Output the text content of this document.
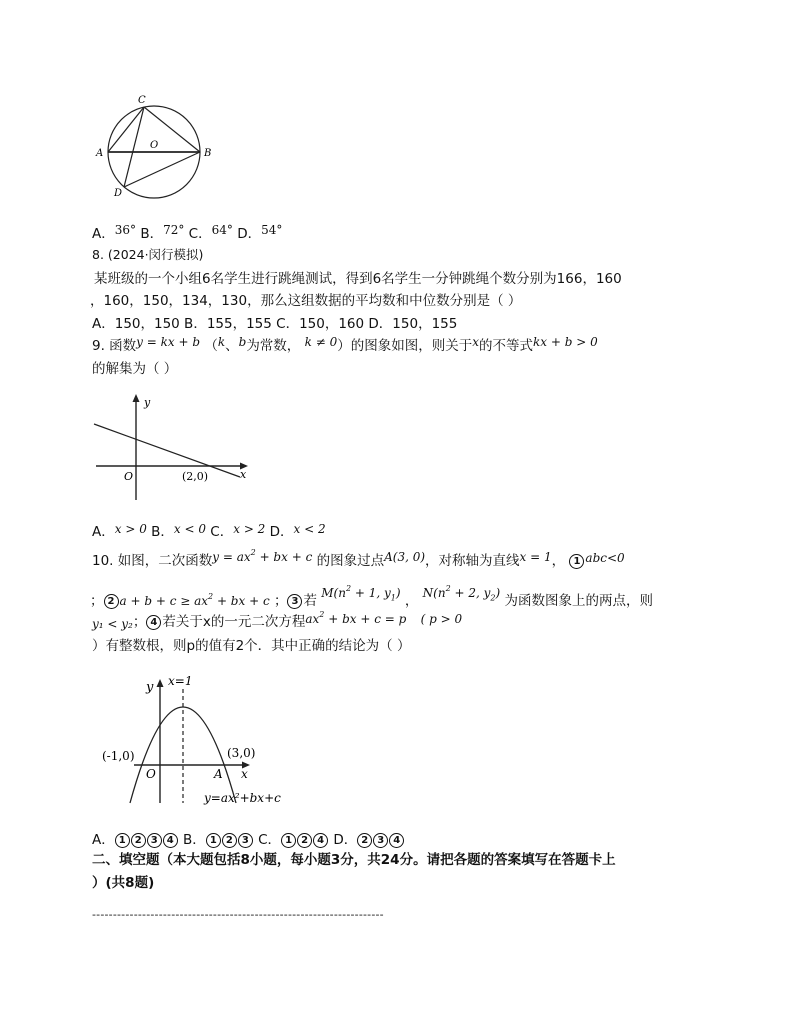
C
A
O
B
D
A．36° B．72° C．64° D．54°
8. (2024·闵行模拟)
某班级的一个小组6名学生进行跳绳测试，得到6名学生一分钟跳绳个数分别为166，160
，160，150，134，130，那么这组数据的平均数和中位数分别是（ ）
A．150，150 B．155，155 C．150，160 D．150，155
9. 函数y = kx + b （k、b为常数， k ≠ 0）的图象如图，则关于x的不等式kx + b > 0
的解集为（ ）
y
x
O	(2,0)
A．x > 0 B．x < 0 C．x > 2 D．x < 2
10. 如图，二次函数$y = ax^2$ + bx + c 的图象过点A(3, 0)，对称轴为直线x = 1， 1 abc<0
； 2 $a + b + c \ge ax^2$ + bx + c ； 3 若 $M(n^2 + 1$, $y_1$) ， $N(n^2 + 2$, $y_2$) 为函数图象上的两点，则
y₁ < y₂； 4 若关于x的一元二次方程$ax^2$ + bx + c = p ( p > 0
）有整数根，则p的值有2个．其中正确的结论为（ ）
y x=1
(-1,0)	(3,0)
O	A x
y=ax²+bx+c
A． 1 2 3 4 B． 1 2 3 C． 1 2 4 D． 2 3 4
二、填空题（本大题包括8小题，每小题3分，共24分。请把各题的答案填写在答题卡上
）(共8题)
----------------------------------------------------------------------
